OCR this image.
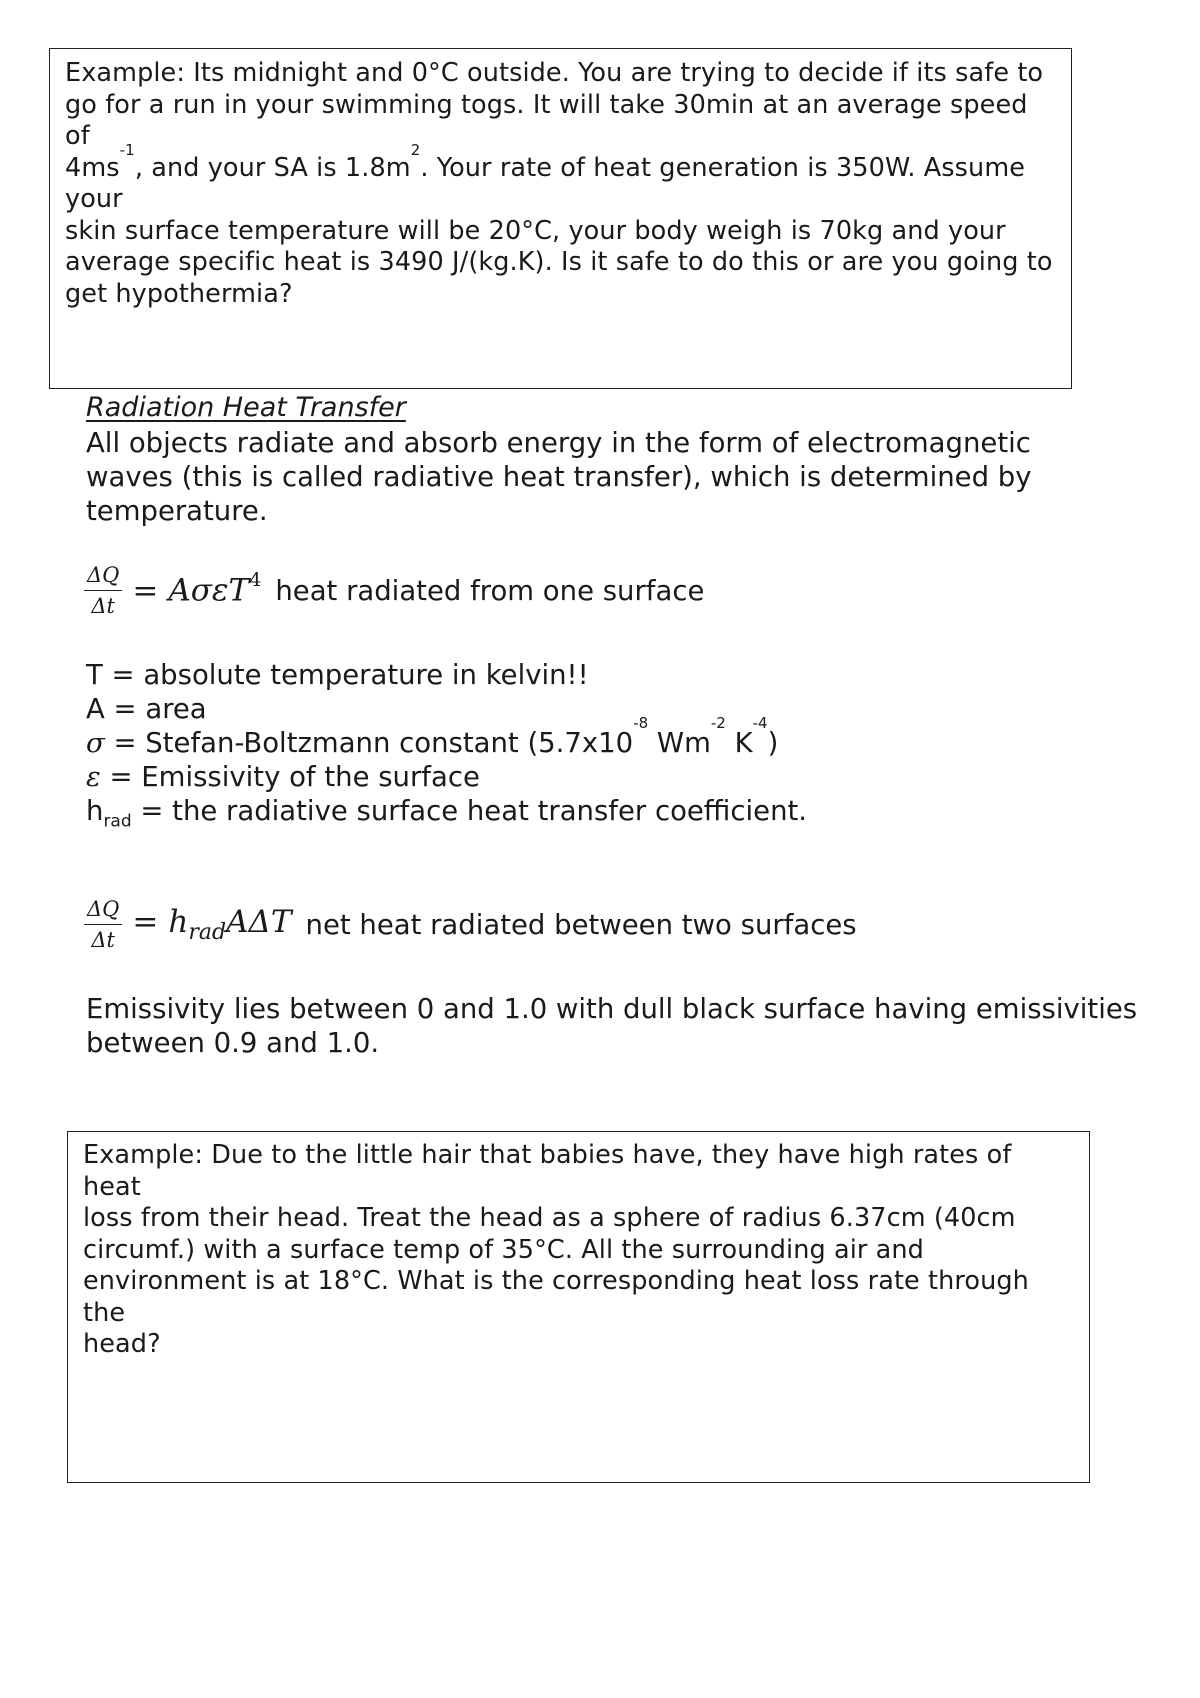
Example: Its midnight and 0°C outside. You are trying to decide if its safe to
go for a run in your swimming togs. It will take 30min at an average speed of
$4ms^{-1}$, and your SA is $1.8m^2$. Your rate of heat generation is 350W. Assume your
skin surface temperature will be 20°C, your body weigh is 70kg and your
average specific heat is 3490 J/(kg.K). Is it safe to do this or are you going to
get hypothermia?
Radiation Heat Transfer
All objects radiate and absorb energy in the form of electromagnetic
waves (this is called radiative heat transfer), which is determined by
temperature.
$\frac{\Delta Q}{\Delta t} = A\sigma\varepsilon T^4$ heat radiated from one surface
T = absolute temperature in kelvin!!
A = area
σ = Stefan-Boltzmann constant ($5.7x10^{-8}$ $Wm^{-2}$ $K^{-4}$)
ε = Emissivity of the surface
$h_{rad}$ = the radiative surface heat transfer coefficient.
$\frac{\Delta Q}{\Delta t} = h_{rad}A\Delta T$ net heat radiated between two surfaces
Emissivity lies between 0 and 1.0 with dull black surface having emissivities
between 0.9 and 1.0.
Example: Due to the little hair that babies have, they have high rates of heat
loss from their head. Treat the head as a sphere of radius 6.37cm (40cm
circumf.) with a surface temp of 35°C. All the surrounding air and
environment is at 18°C. What is the corresponding heat loss rate through the
head?
